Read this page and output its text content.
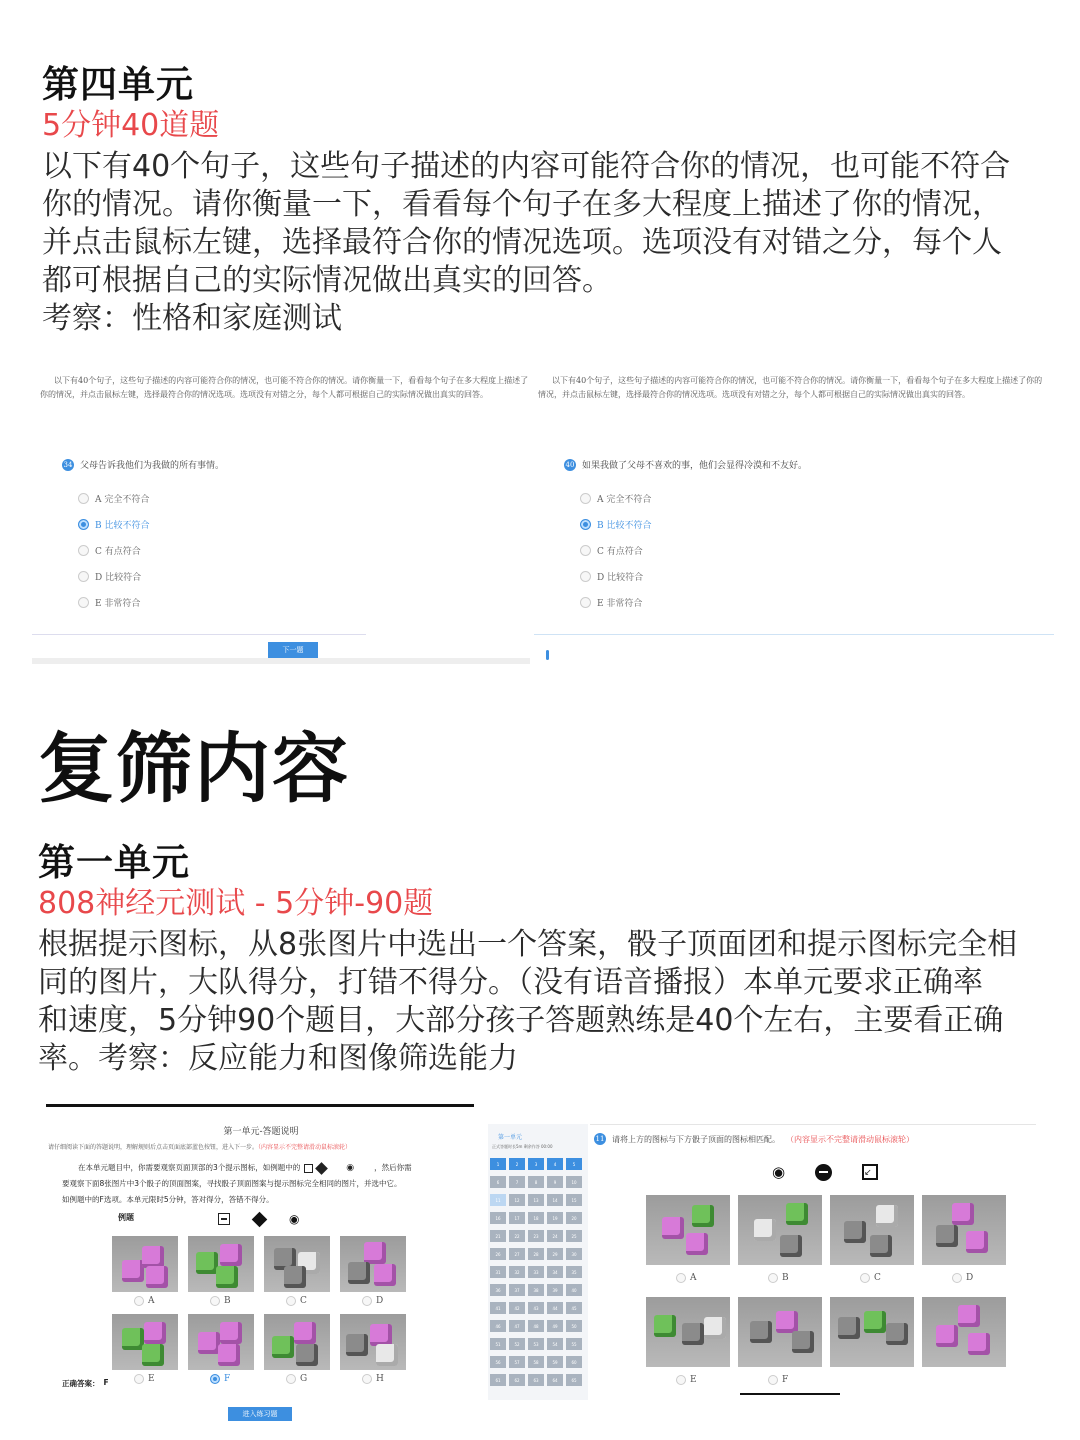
第四单元
5分钟40道题
以下有40个句子，这些句子描述的内容可能符合你的情况，也可能不符合
你的情况。请你衡量一下，看看每个句子在多大程度上描述了你的情况，
并点击鼠标左键，选择最符合你的情况选项。选项没有对错之分，每个人
都可根据自己的实际情况做出真实的回答。
考察：性格和家庭测试
以下有40个句子，这些句子描述的内容可能符合你的情况，也可能不符合你的情况。请你衡量一下，看看每个句子在多大程度上描述了你的情况，并点击鼠标左键，选择最符合你的情况选项。选项没有对错之分，每个人都可根据自己的实际情况做出真实的回答。
34 父母告诉我他们为我做的所有事情。
A 完全不符合
B 比较不符合
C 有点符合
D 比较符合
E 非常符合
下一题
以下有40个句子，这些句子描述的内容可能符合你的情况，也可能不符合你的情况。请你衡量一下，看看每个句子在多大程度上描述了你的情况，并点击鼠标左键，选择最符合你的情况选项。选项没有对错之分，每个人都可根据自己的实际情况做出真实的回答。
40 如果我做了父母不喜欢的事，他们会显得冷漠和不友好。
A 完全不符合
B 比较不符合
C 有点符合
D 比较符合
E 非常符合
复筛内容
第一单元
808神经元测试 - 5分钟-90题
根据提示图标，从8张图片中选出一个答案，骰子顶面团和提示图标完全相
同的图片，大队得分，打错不得分。（没有语音播报）本单元要求正确率
和速度，5分钟90个题目，大部分孩子答题熟练是40个左右，主要看正确
率。考察：反应能力和图像筛选能力
第一单元-答题说明
请仔细阅读下面的答题说明，理解规则后点击页面底部蓝色按钮，进入下一步。（内容显示不完整请滑动鼠标滚轮）
在本单元题目中，你需要观察页面顶部的3个提示图标，如例题中的	◉	，然后你需
要观察下面8张图片中3个骰子的顶面图案，寻找骰子顶面图案与提示图标完全相同的图片，并选中它。
如例题中的F选项。本单元限时5分钟，答对得分，答错不得分。
例题	◉
A	B	C	D
E	F	G	H
正确答案： F
进入练习题
第一单元
正式答题时长5m 剩余作答 00:00
1	2	3	4	5
6	7	8	9	10
11	12	13	14	15
16	17	18	19	20
21	22	23	24	25
26	27	28	29	30
31	32	33	34	35
36	37	38	39	40
41	42	43	44	45
46	47	48	49	50
51	52	53	54	55
56	57	58	59	60
61	62	63	64	65
11 请将上方的图标与下方骰子顶面的图标相匹配。 （内容显示不完整请滑动鼠标滚轮）
◉	↙
A	B	C	D
E	F
